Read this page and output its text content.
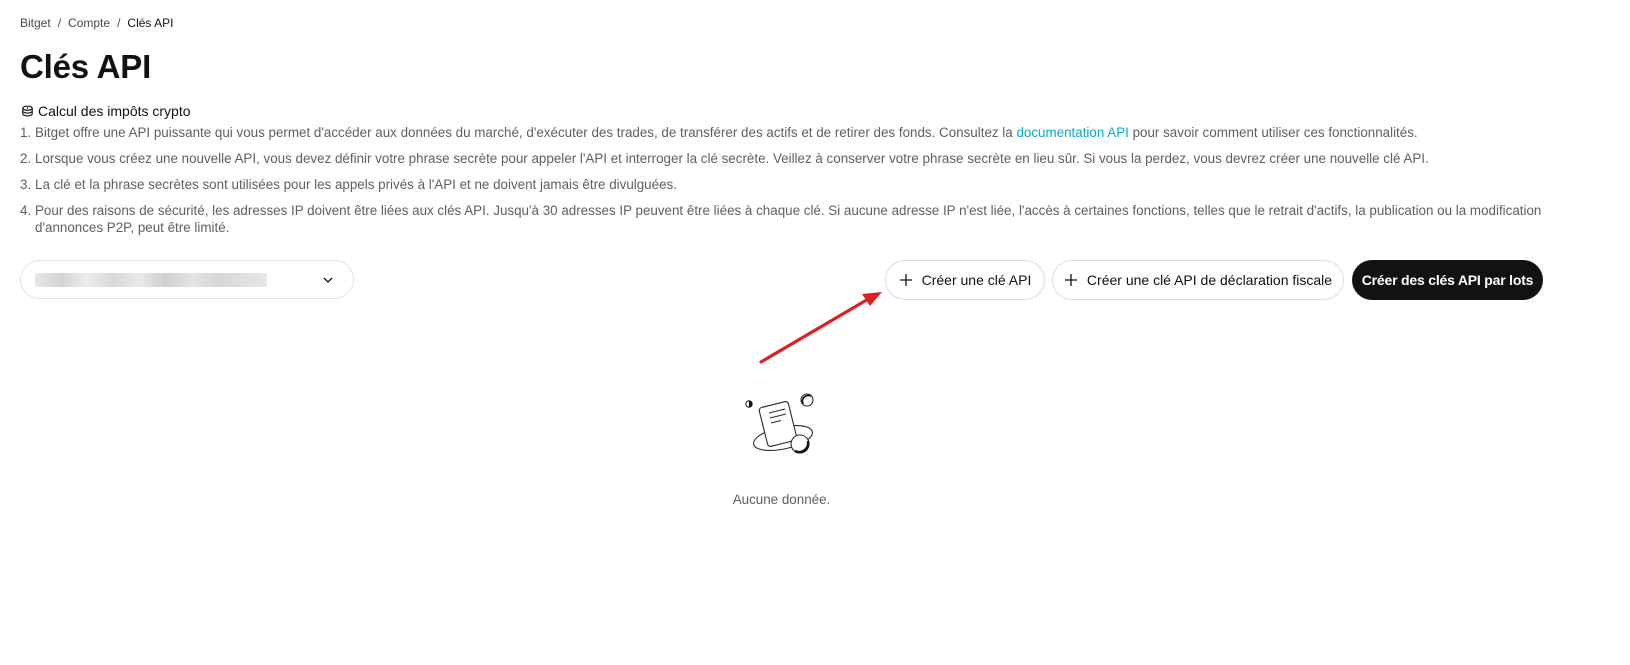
Bitget / Compte / Clés API
Clés API
Calcul des impôts crypto
1. Bitget offre une API puissante qui vous permet d'accéder aux données du marché, d'exécuter des trades, de transférer des actifs et de retirer des fonds. Consultez la documentation API pour savoir comment utiliser ces fonctionnalités.
2. Lorsque vous créez une nouvelle API, vous devez définir votre phrase secrète pour appeler l'API et interroger la clé secrète. Veillez à conserver votre phrase secrète en lieu sûr. Si vous la perdez, vous devrez créer une nouvelle clé API.
3. La clé et la phrase secrètes sont utilisées pour les appels privés à l'API et ne doivent jamais être divulguées.
4. Pour des raisons de sécurité, les adresses IP doivent être liées aux clés API. Jusqu'à 30 adresses IP peuvent être liées à chaque clé. Si aucune adresse IP n'est liée, l'accès à certaines fonctions, telles que le retrait d'actifs, la publication ou la modification d'annonces P2P, peut être limité.
Créer une clé API	Créer une clé API de déclaration fiscale Créer des clés API par lots
Aucune donnée.
